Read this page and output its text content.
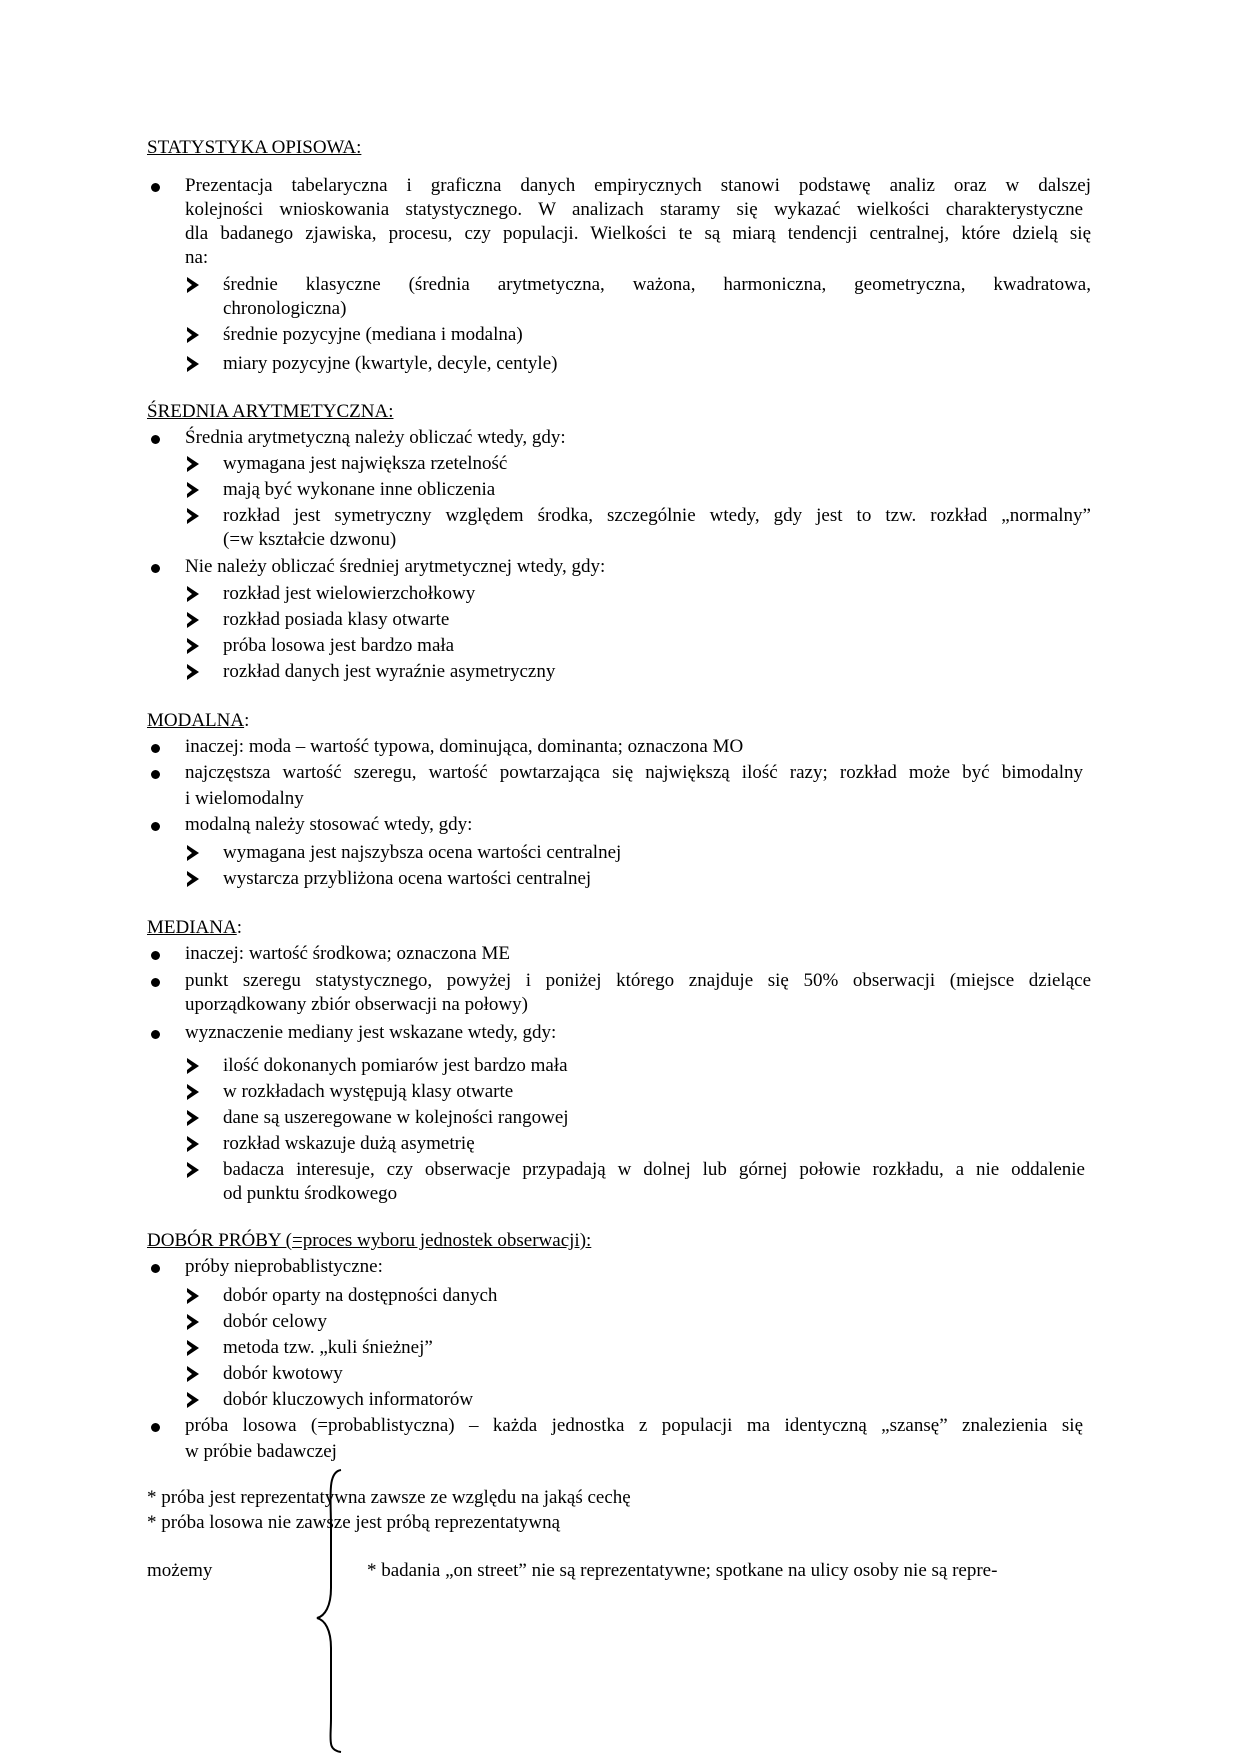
STATYSTYKA OPISOWA:
Prezentacja tabelaryczna i graficzna danych empirycznych stanowi podstawę analiz oraz w dalszej
kolejności wnioskowania statystycznego. W analizach staramy się wykazać wielkości charakterystyczne
dla badanego zjawiska, procesu, czy populacji. Wielkości te są miarą tendencji centralnej, które dzielą się
na:
średnie klasyczne (średnia arytmetyczna, ważona, harmoniczna, geometryczna, kwadratowa,
chronologiczna)
średnie pozycyjne (mediana i modalna)
miary pozycyjne (kwartyle, decyle, centyle)
ŚREDNIA ARYTMETYCZNA:
Średnia arytmetyczną należy obliczać wtedy, gdy:
wymagana jest największa rzetelność
mają być wykonane inne obliczenia
rozkład jest symetryczny względem środka, szczególnie wtedy, gdy jest to tzw. rozkład „normalny”
(=w kształcie dzwonu)
Nie należy obliczać średniej arytmetycznej wtedy, gdy:
rozkład jest wielowierzchołkowy
rozkład posiada klasy otwarte
próba losowa jest bardzo mała
rozkład danych jest wyraźnie asymetryczny
MODALNA:
inaczej: moda – wartość typowa, dominująca, dominanta; oznaczona MO
najczęstsza wartość szeregu, wartość powtarzająca się największą ilość razy; rozkład może być bimodalny
i wielomodalny
modalną należy stosować wtedy, gdy:
wymagana jest najszybsza ocena wartości centralnej
wystarcza przybliżona ocena wartości centralnej
MEDIANA:
inaczej: wartość środkowa; oznaczona ME
punkt szeregu statystycznego, powyżej i poniżej którego znajduje się 50% obserwacji (miejsce dzielące
uporządkowany zbiór obserwacji na połowy)
wyznaczenie mediany jest wskazane wtedy, gdy:
ilość dokonanych pomiarów jest bardzo mała
w rozkładach występują klasy otwarte
dane są uszeregowane w kolejności rangowej
rozkład wskazuje dużą asymetrię
badacza interesuje, czy obserwacje przypadają w dolnej lub górnej połowie rozkładu, a nie oddalenie
od punktu środkowego
DOBÓR PRÓBY (=proces wyboru jednostek obserwacji):
próby nieprobablistyczne:
dobór oparty na dostępności danych
dobór celowy
metoda tzw. „kuli śnieżnej”
dobór kwotowy
dobór kluczowych informatorów
próba losowa (=probablistyczna) – każda jednostka z populacji ma identyczną „szansę” znalezienia się
w próbie badawczej
* próba jest reprezentatywna zawsze ze względu na jakąś cechę
* próba losowa nie zawsze jest próbą reprezentatywną
możemy	* badania „on street” nie są reprezentatywne; spotkane na ulicy osoby nie są repre-
